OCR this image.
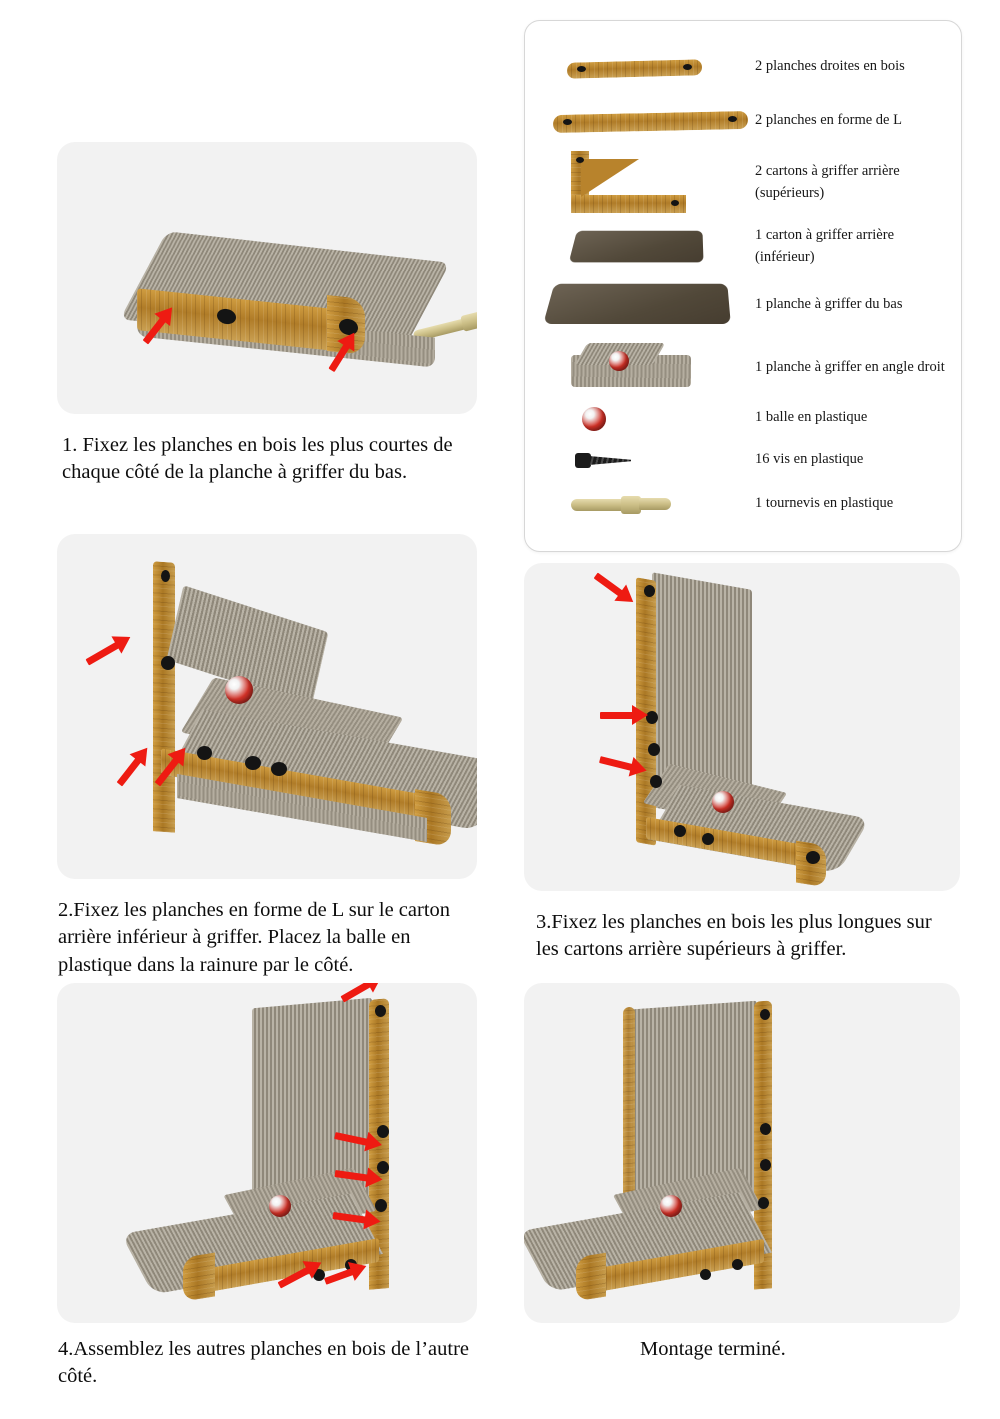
1. Fixez les planches en bois les plus courtes de chaque côté de la planche à griffer du bas.
2 planches droites en bois
2 planches en forme de L
2 cartons à griffer arrière (supérieurs)
1 carton à griffer arrière (inférieur)
1 planche à griffer du bas
1 planche à griffer en angle droit
1 balle en plastique
16 vis en plastique
1 tournevis en plastique
2.Fixez les planches en forme de L sur le carton arrière inférieur à griffer. Placez la balle en plastique dans la rainure par le côté.
3.Fixez les planches en bois les plus longues sur les cartons arrière supérieurs à griffer.
4.Assemblez les autres planches en bois de l’autre côté.
Montage terminé.
